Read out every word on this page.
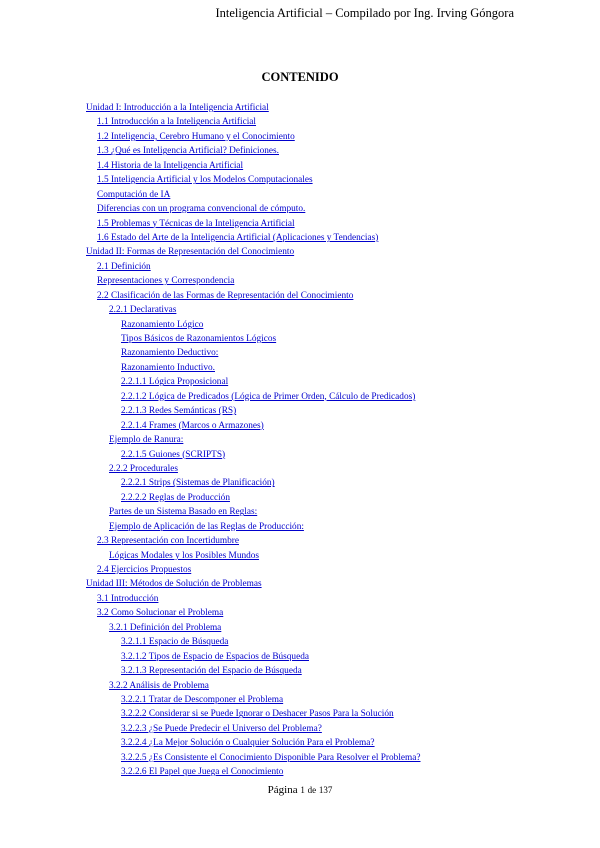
Inteligencia Artificial – Compilado por Ing. Irving Góngora
CONTENIDO
Unidad I: Introducción a la Inteligencia Artificial
1.1 Introducción a la Inteligencia Artificial
1.2 Inteligencia, Cerebro Humano y el Conocimiento
1.3 ¿Qué es Inteligencia Artificial? Definiciones.
1.4 Historia de la Inteligencia Artificial
1.5 Inteligencia Artificial y los Modelos Computacionales
Computación de IA
Diferencias con un programa convencional de cómputo.
1.5 Problemas y Técnicas de la Inteligencia Artificial
1.6 Estado del Arte de la Inteligencia Artificial (Aplicaciones y Tendencias)
Unidad II: Formas de Representación del Conocimiento
2.1 Definición
Representaciones y Correspondencia
2.2 Clasificación de las Formas de Representación del Conocimiento
2.2.1 Declarativas
Razonamiento Lógico
Tipos Básicos de Razonamientos Lógicos
Razonamiento Deductivo:
Razonamiento Inductivo.
2.2.1.1 Lógica Proposicional
2.2.1.2 Lógica de Predicados (Lógica de Primer Orden, Cálculo de Predicados)
2.2.1.3 Redes Semánticas (RS)
2.2.1.4 Frames (Marcos o Armazones)
Ejemplo de Ranura:
2.2.1.5 Guiones (SCRIPTS)
2.2.2 Procedurales
2.2.2.1 Strips (Sistemas de Planificación)
2.2.2.2 Reglas de Producción
Partes de un Sistema Basado en Reglas:
Ejemplo de Aplicación de las Reglas de Producción:
2.3 Representación con Incertidumbre
Lógicas Modales y los Posibles Mundos
2.4 Ejercicios Propuestos
Unidad III: Métodos de Solución de Problemas
3.1 Introducción
3.2 Como Solucionar el Problema
3.2.1 Definición del Problema
3.2.1.1 Espacio de Búsqueda
3.2.1.2 Tipos de Espacio de Espacios de Búsqueda
3.2.1.3 Representación del Espacio de Búsqueda
3.2.2 Análisis de Problema
3.2.2.1 Tratar de Descomponer el Problema
3.2.2.2 Considerar si se Puede Ignorar o Deshacer Pasos Para la Solución
3.2.2.3 ¿Se Puede Predecir el Universo del Problema?
3.2.2.4 ¿La Mejor Solución o Cualquier Solución Para el Problema?
3.2.2.5 ¿Es Consistente el Conocimiento Disponible Para Resolver el Problema?
3.2.2.6 El Papel que Juega el Conocimiento
Página 1 de 137
